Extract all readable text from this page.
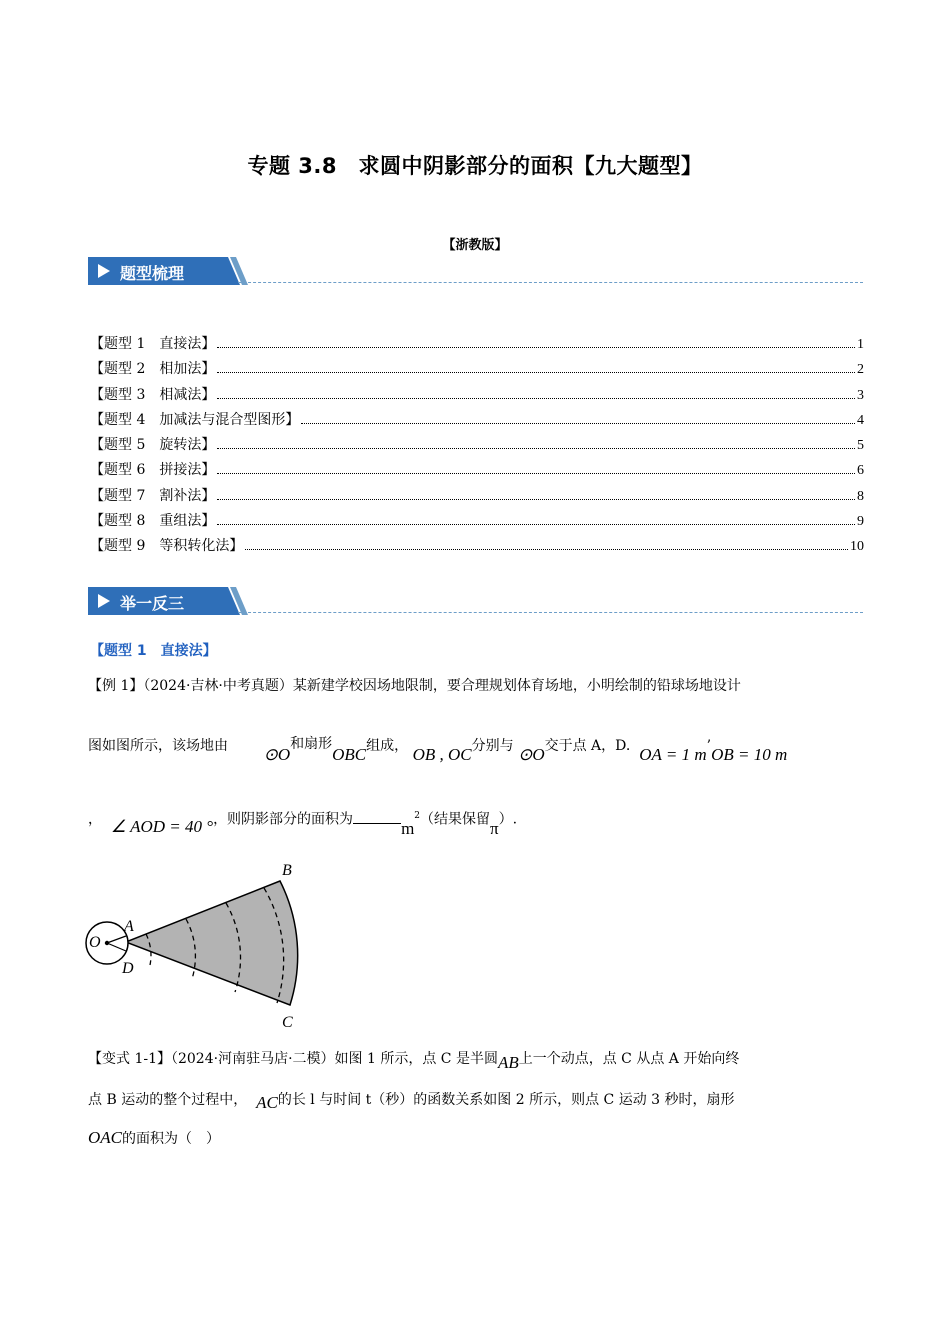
专题 3.8　求圆中阴影部分的面积【九大题型】
【浙教版】
题型梳理
【题型 1　直接法】	1
【题型 2　相加法】	2
【题型 3　相减法】	3
【题型 4　加减法与混合型图形】	4
【题型 5　旋转法】	5
【题型 6　拼接法】	6
【题型 7　割补法】	8
【题型 8　重组法】	9
【题型 9　等积转化法】	10
举一反三
【题型 1　直接法】
【例 1】（2024·吉林·中考真题）某新建学校因场地限制，要合理规划体育场地，小明绘制的铅球场地设计
图如图所示，该场地由 ⊙O和扇形OBC组成， OB , OC分别与 ⊙O交于点 A，D. OA = 1 m’OB = 10 m
， ∠ AOD = 40 °，则阴影部分的面积为	$m^2$（结果保留π）.
O
A
D
B
C
【变式 1-1】（2024·河南驻马店·二模）如图 1 所示，点 C 是半圆AB上一个动点，点 C 从点 A 开始向终
点 B 运动的整个过程中， AC的长 l 与时间 t（秒）的函数关系如图 2 所示，则点 C 运动 3 秒时，扇形
OAC的面积为（　）
